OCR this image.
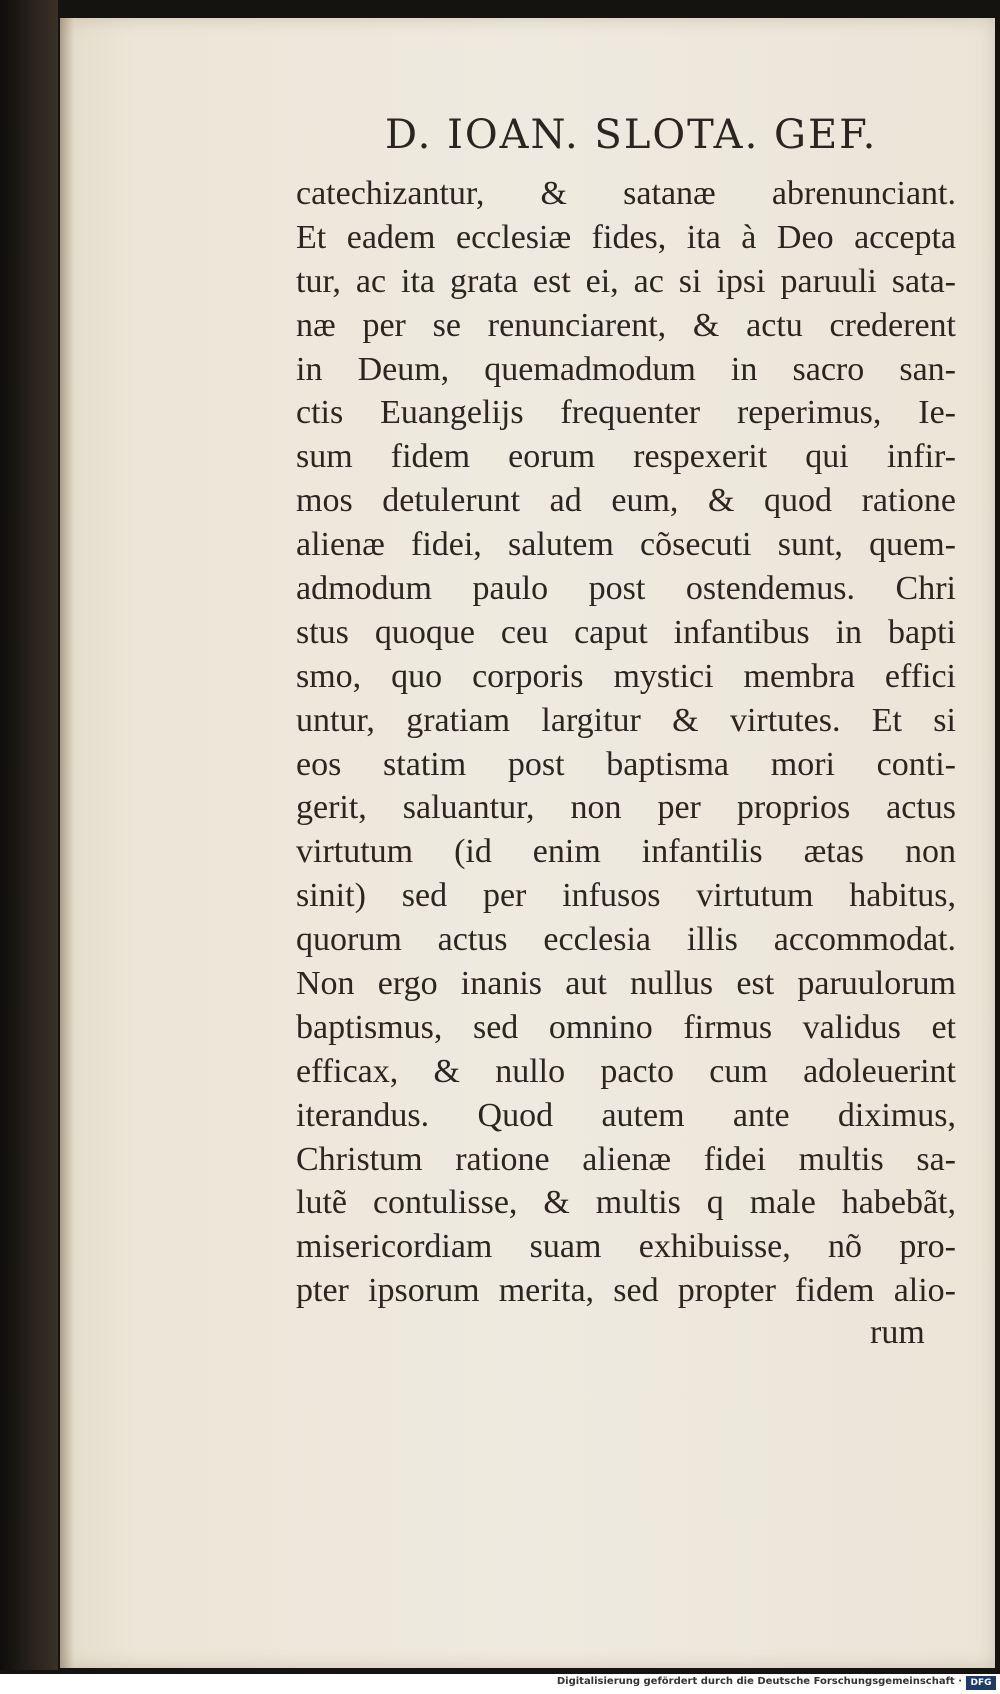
D. IOAN. SLOTA. GEF.
catechizantur, & satanæ abrenunciant.
Et eadem ecclesiæ fides, ita à Deo accepta
tur, ac ita grata est ei, ac si ipsi paruuli sata-
næ per se renunciarent, & actu crederent
in Deum, quemadmodum in sacro san-
ctis Euangelijs frequenter reperimus, Ie-
sum fidem eorum respexerit qui infir-
mos detulerunt ad eum, & quod ratione
alienæ fidei, salutem cõsecuti sunt, quem-
admodum paulo post ostendemus. Chri
stus quoque ceu caput infantibus in bapti
smo, quo corporis mystici membra effici
untur, gratiam largitur & virtutes. Et si
eos statim post baptisma mori conti-
gerit, saluantur, non per proprios actus
virtutum (id enim infantilis ætas non
sinit) sed per infusos virtutum habitus,
quorum actus ecclesia illis accommodat.
Non ergo inanis aut nullus est paruulorum
baptismus, sed omnino firmus validus et
efficax, & nullo pacto cum adoleuerint
iterandus. Quod autem ante diximus,
Christum ratione alienæ fidei multis sa-
lutẽ contulisse, & multis q male habebãt,
misericordiam suam exhibuisse, nõ pro-
pter ipsorum merita, sed propter fidem alio-
rum
Digitalisierung gefördert durch die Deutsche Forschungsgemeinschaft · DFG
